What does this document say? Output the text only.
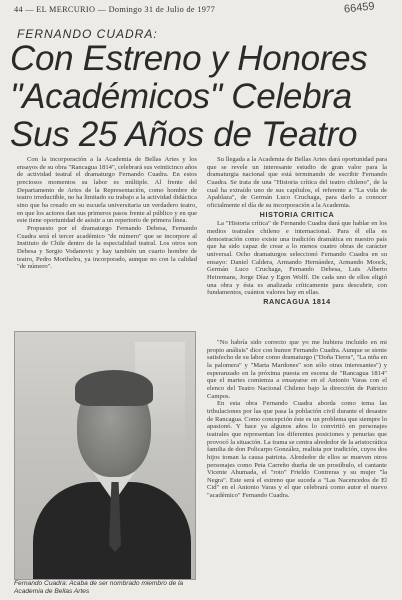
44 — EL MERCURIO — Domingo 31 de Julio de 1977	66459
FERNANDO CUADRA:
Con Estreno y Honores "Académicos" Celebra Sus 25 Años de Teatro

Con la incorporación a la Academia de Bellas Artes y los ensayos de su obra "Rancagua 1814", celebrará sus veinticinco años de actividad teatral el dramaturgo Fernando Cuadra. En estos preciosos momentos su labor es múltiple. Al frente del Departamento de Artes de la Representación, como hombre de teatro irreductible, no ha limitado su trabajo a la actividad didáctica sino que ha creado en su escuela universitaria un verdadero teatro, en que los actores dan sus primeros pasos frente al público y en que este tiene oportunidad de asistir a un repertorio de primera línea.

Propuesto por el dramaturgo Fernando Debesa, Fernando Cuadra será el tercer académico "de número" que se incorpore al Instituto de Chile dentro de la especialidad teatral. Los otros son Debesa y Sergio Vodanovic y hay también un cuarto hombre de teatro, Pedro Morthelru, ya incorporado, aunque no con la calidad "de número".

Su llegada a la Academia de Bellas Artes dará oportunidad para que se revele un interesante estudio de gran valor para la dramaturgia nacional que está terminando de escribir Fernando Cuadra. Se trata de una "Historia crítica del teatro chileno", de la cual ha extraído uno de sus capítulos, el referente a "La vida de Apablaza", de Germán Luco Cruchaga, para darlo a conocer oficialmente el día de su incorporación a la Academia.

HISTORIA CRITICA

La "Historia crítica" de Fernando Cuadra dará que hablar en los medios teatrales chileno e internacional. Para él ella es demostración como existe una tradición dramática en nuestro país que ha sido capaz de crear a lo menos cuatro obras de carácter universal. Ocho dramaturgos seleccionó Fernando Cuadra en su ensayo: Daniel Caldera, Armando Hernández, Armando Moock, Germán Luco Cruchaga, Fernando Debesa, Luis Alberto Heiremans, Jorge Díaz y Egon Wolff. De cada uno de ellos eligió una obra y ésta es analizada críticamente para descubrir, con fundamentos, cuántos valores hay en ellas.

RANCAGUA 1814

"No habría sido correcto que yo me hubiera incluido en mi propio análisis" dice con humor Fernando Cuadra. Aunque se siente satisfecho de su labor como dramaturgo ("Doña Tierra", "La niña en la palomera" y "Marta Mardones" son sólo otras interesantes") y esperanzado en la próxima puesta en escena de "Rancagua 1814" que el martes comienza a ensayarse en el Antonio Varas con el elenco del Teatro Nacional Chileno bajo la dirección de Patricio Campos.

En esta obra Fernando Cuadra aborda como tema las tribulaciones por las que pasa la población civil durante el desastre de Rancagua. Como concepción éste es un problema que siempre lo apasionó. Y hace ya algunos años lo convirtió en personajes teatrales que representan los diferentes posiciones y penurias que provocó la situación. La trama se centra alrededor de la aristocrática familia de don Policarpo González, realista por tradición, cuyos dos hijos toman la causa patriota. Alrededor de ellos se mueven otros personajes como Peta Carreño dueña de un prostíbulo, el cantante Vicente Ahumada, el "roto" Frieldo Contreras y su mujer "la Negra". Este será el estreno que suceda a "Las Nacencedos de El Cid" en el Antonio Varas y el que celebrará como autor el nuevo "académico" Fernando Cuadra.

Fernando Cuadra: Acaba de ser nombrado miembro de la Academia de Bellas Artes
